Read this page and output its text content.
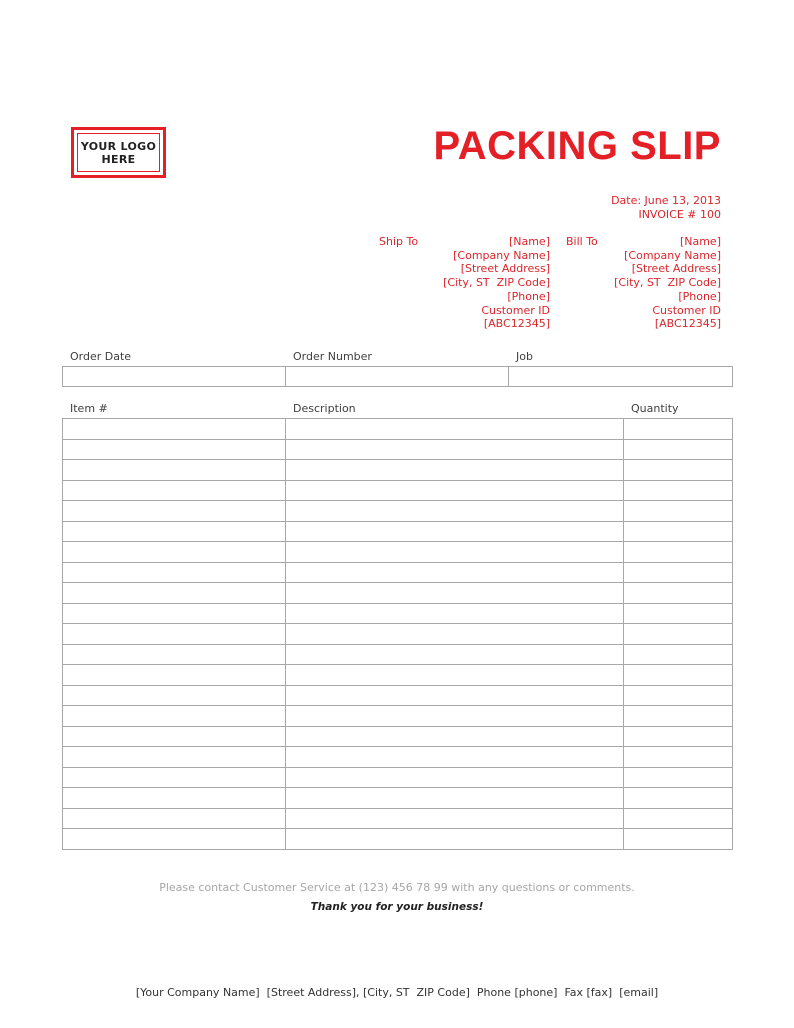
YOUR LOGO
HERE	PACKING SLIP
Date: June 13, 2013
INVOICE # 100
Ship To	[Name]
[Company Name]
[Street Address]
[City, ST  ZIP Code]
[Phone]
Customer ID
[ABC12345]
Bill To	[Name]
[Company Name]
[Street Address]
[City, ST  ZIP Code]
[Phone]
Customer ID
[ABC12345]
Order Date	Order Number	Job

Item #	Description	Quantity

Please contact Customer Service at (123) 456 78 99 with any questions or comments.
Thank you for your business!
[Your Company Name]  [Street Address], [City, ST  ZIP Code]  Phone [phone]  Fax [fax]  [email]
